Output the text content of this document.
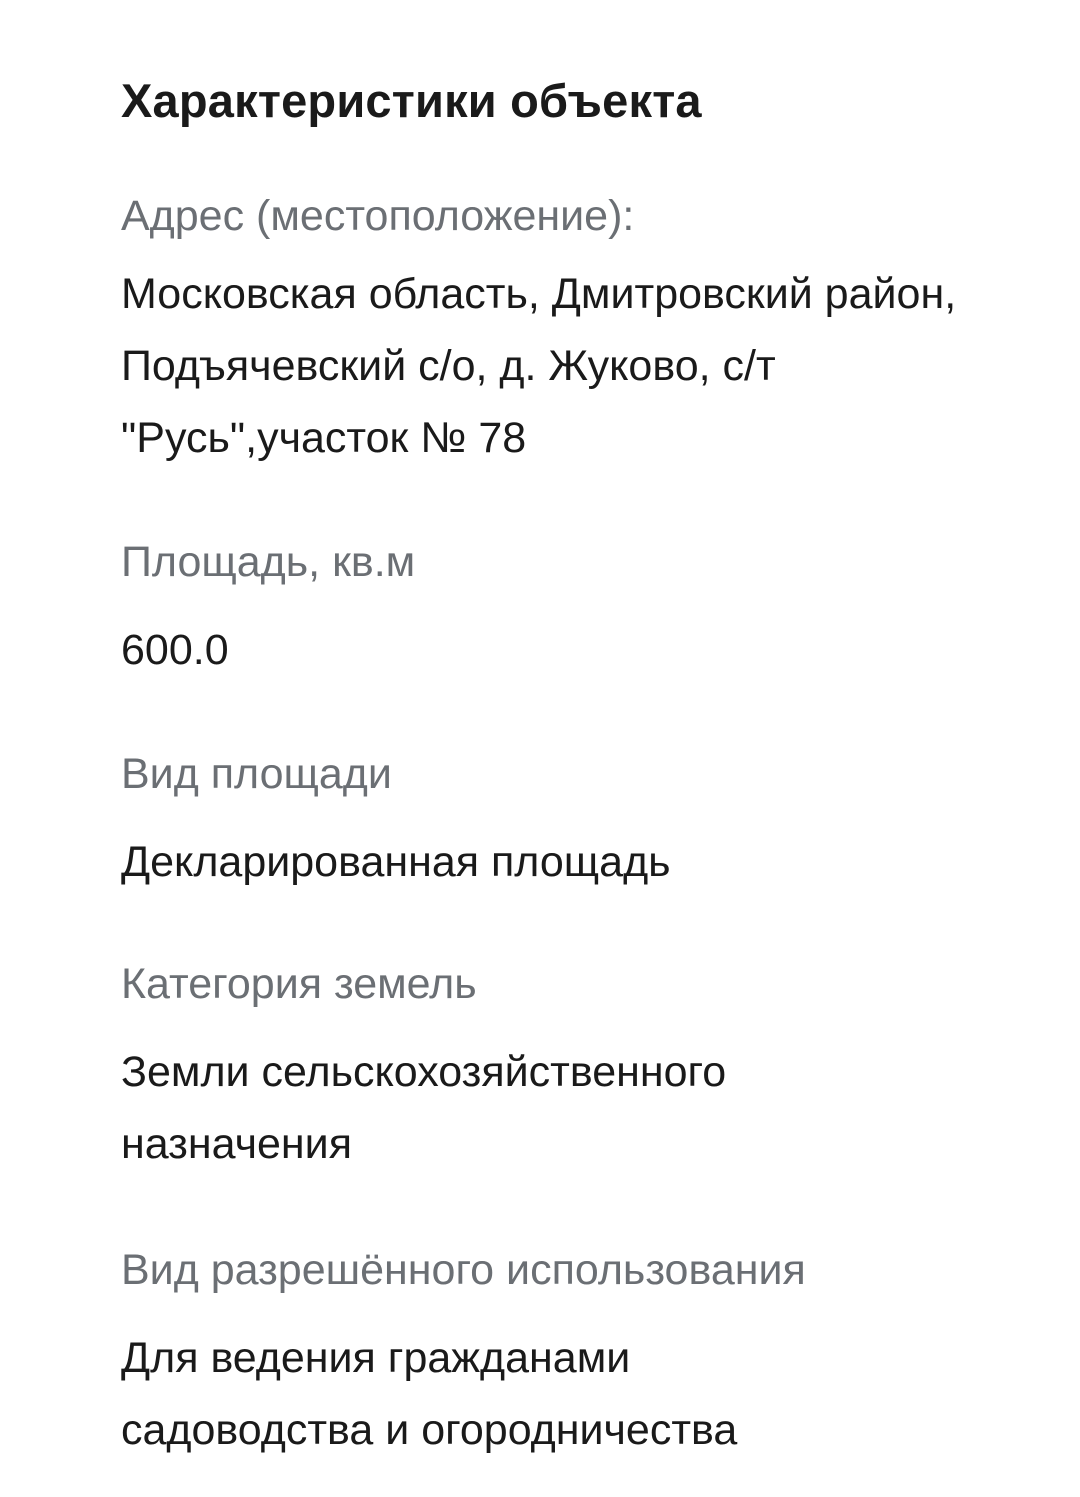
Характеристики объекта
Адрес (местоположение):
Московская область, Дмитровский район, Подъячевский с/о, д. Жуково, с/т "Русь",участок № 78
Площадь, кв.м
600.0
Вид площади
Декларированная площадь
Категория земель
Земли сельскохозяйственного назначения
Вид разрешённого использования
Для ведения гражданами садоводства и огородничества
